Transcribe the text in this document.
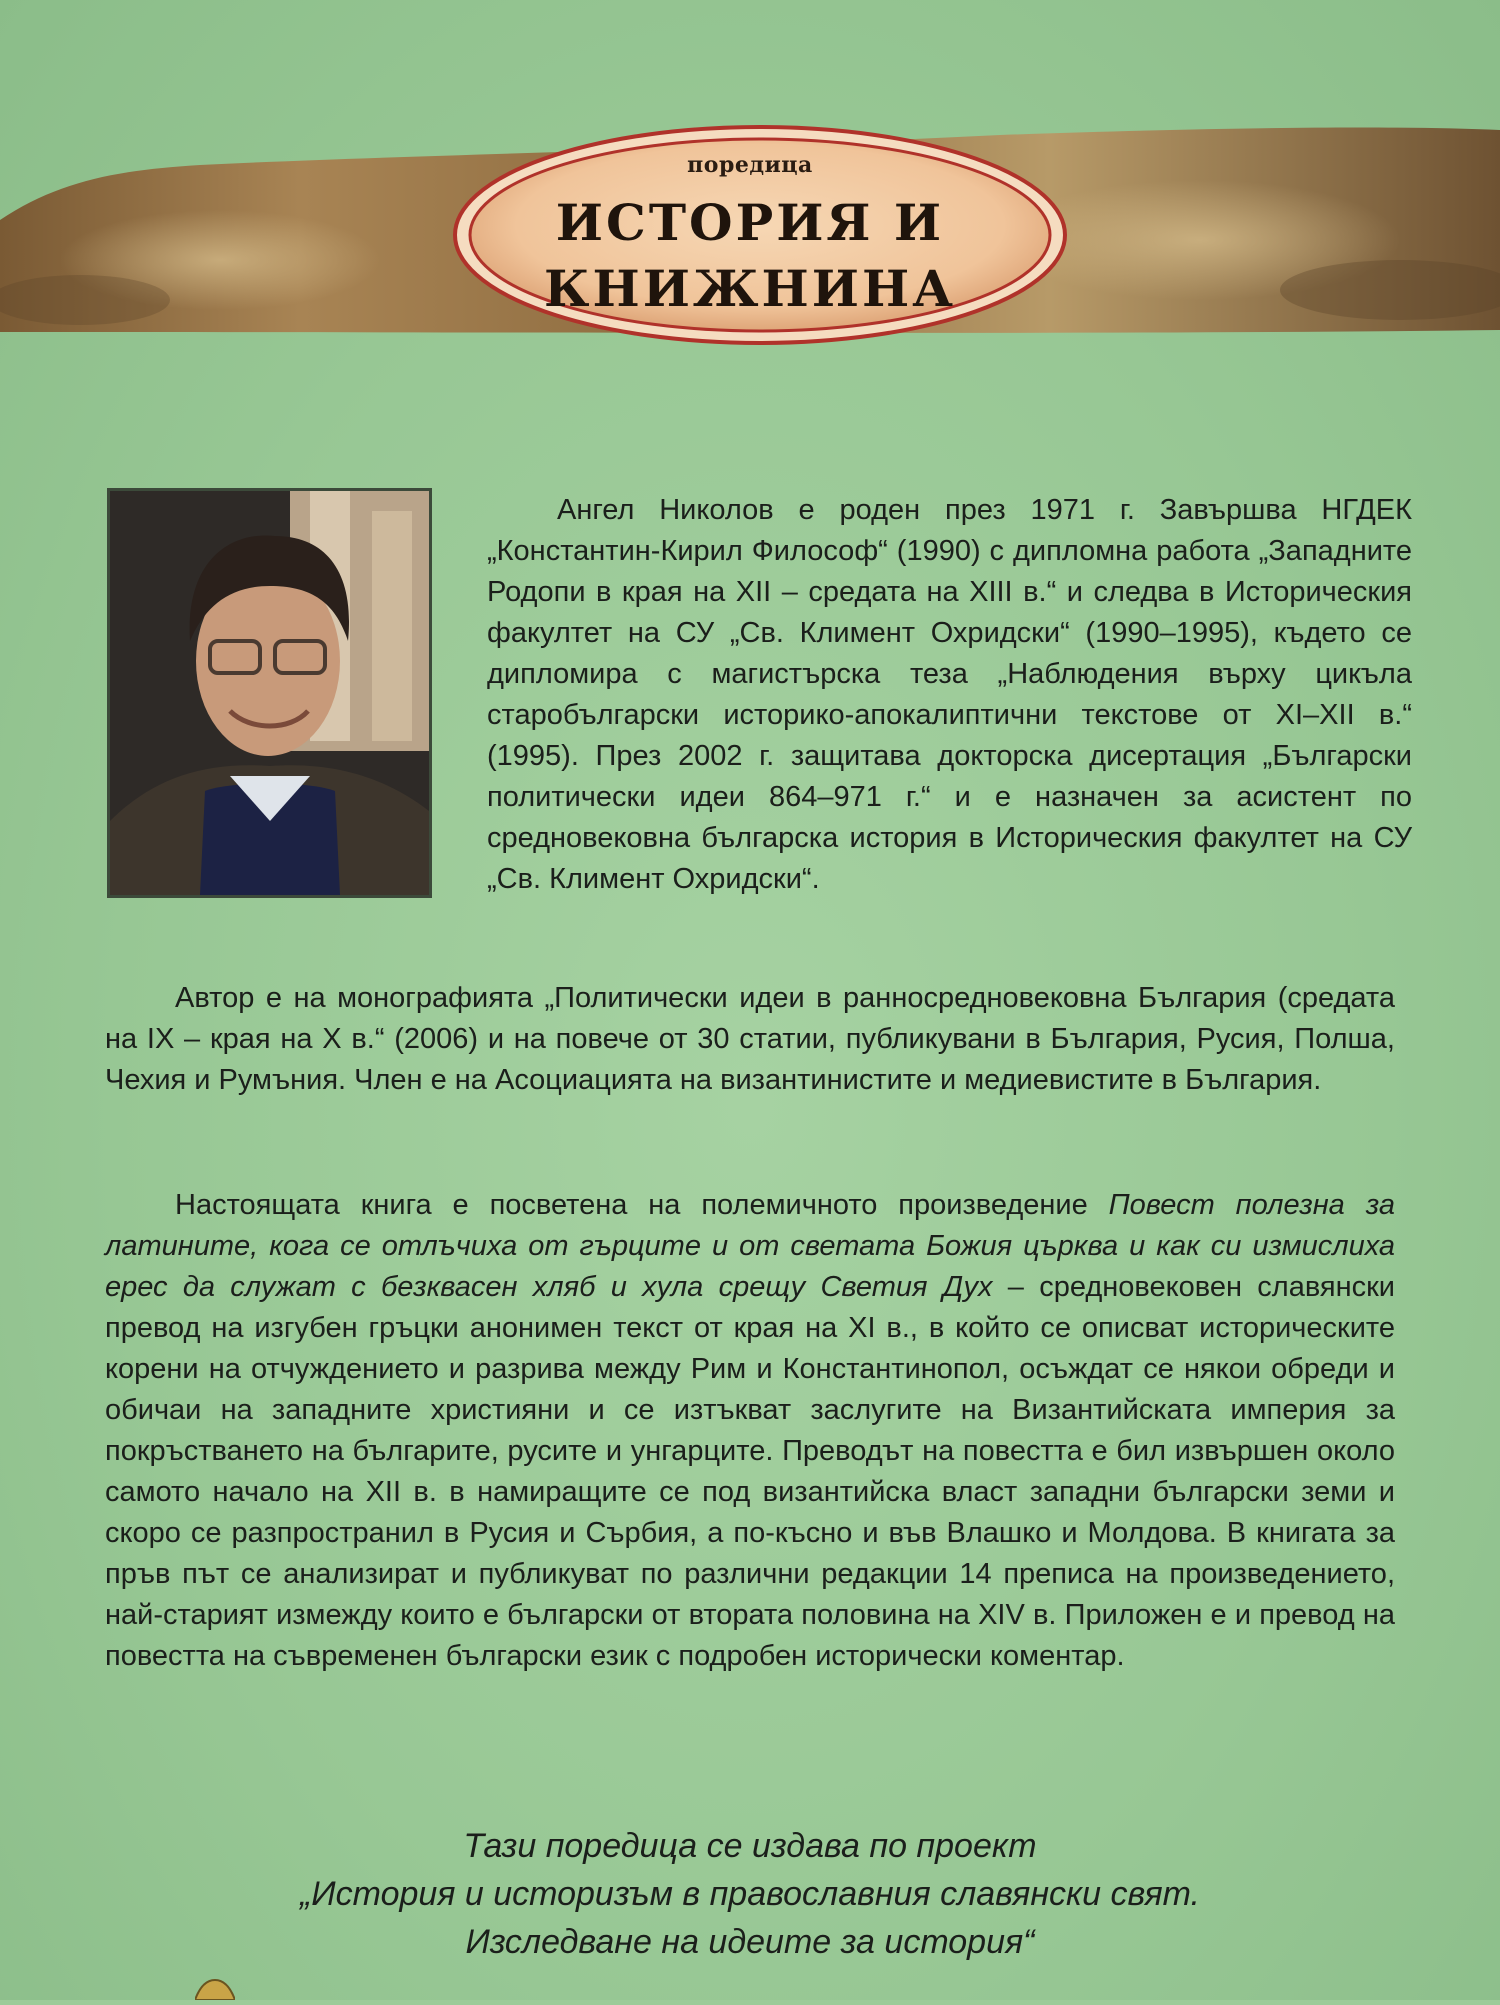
поредица
ИСТОРИЯ И
КНИЖНИНА

Ангел Николов е роден през 1971 г. Завършва НГДЕК „Константин-Кирил Философ“ (1990) с дипломна работа „Западните Родопи в края на XII – средата на XIII в.“ и следва в Историческия факултет на СУ „Св. Климент Охридски“ (1990–1995), където се дипломира с магистърска теза „Наблюдения върху цикъла старобългарски историко-апокалиптични текстове от XI–XII в.“ (1995). През 2002 г. защитава докторска дисертация „Български политически идеи 864–971 г.“ и е назначен за асистент по средновековна българска история в Историческия факултет на СУ „Св. Климент Охридски“.

Автор е на монографията „Политически идеи в ранносредновековна България (средата на IX – края на X в.“ (2006) и на повече от 30 статии, публикувани в България, Русия, Полша, Чехия и Румъния. Член е на Асоциацията на византинистите и медиевистите в България.

Настоящата книга е посветена на полемичното произведение Повест полезна за латините, кога се отлъчиха от гърците и от светата Божия църква и как си измислиха ерес да служат с безквасен хляб и хула срещу Светия Дух – средновековен славянски превод на изгубен гръцки анонимен текст от края на XI в., в който се описват историческите корени на отчуждението и разрива между Рим и Константинопол, осъждат се някои обреди и обичаи на западните християни и се изтъкват заслугите на Византийската империя за покръстването на българите, русите и унгарците. Преводът на повестта е бил извършен около самото начало на XII в. в намиращите се под византийска власт западни български земи и скоро се разпространил в Русия и Сърбия, а по-късно и във Влашко и Молдова. В книгата за пръв път се анализират и публикуват по различни редакции 14 преписа на произведението, най-старият измежду които е български от втората половина на XIV в. Приложен е и превод на повестта на съвременен български език с подробен исторически коментар.

Тази поредица се издава по проект
„История и историзъм в православния славянски свят.
Изследване на идеите за история“
